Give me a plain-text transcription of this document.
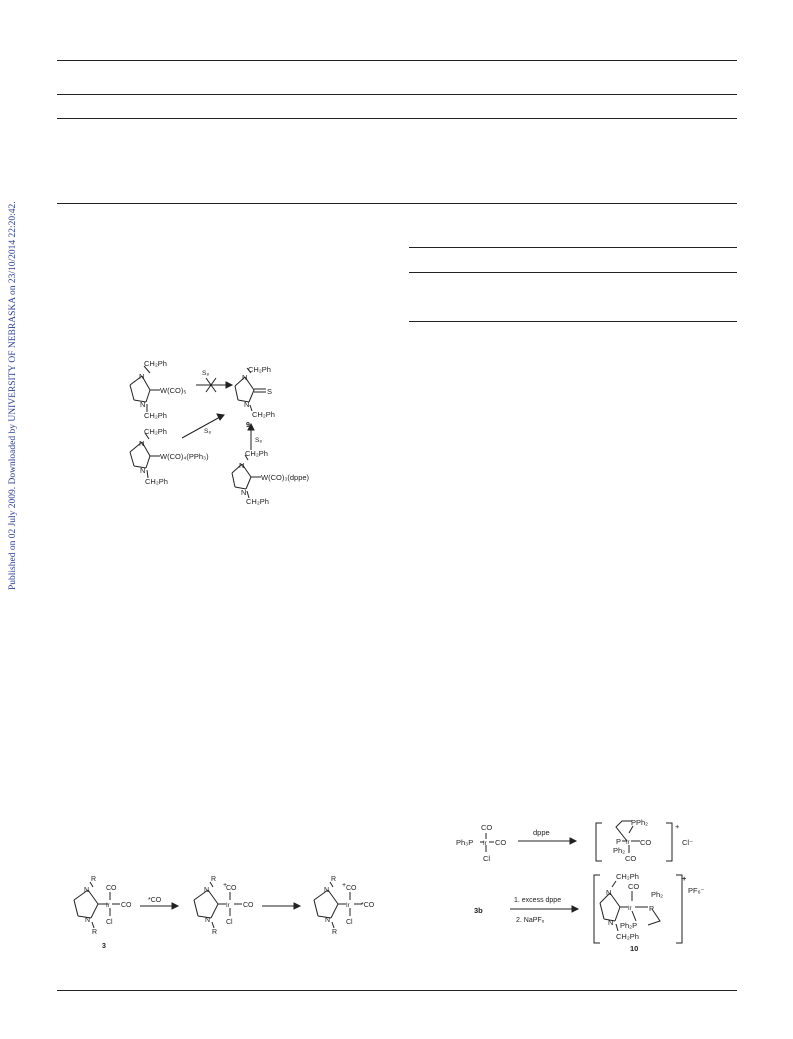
Published on 02 July 2009. Downloaded by UNIVERSITY OF NEBRASKA on 23/10/2014 22:20:42.	CH₂Ph
N
W(CO)₅
N
CH₂Ph
S₈	CH₂Ph
N
S
N
CH₂Ph
9
S₈
S₈
CH₂Ph
N
W(CO)₄(PPh₃)
N
CH₂Ph
CH₂Ph
N
W(CO)₃(dppe)
N
CH₂Ph
R
N
Ir
CO
CO
Cl
N
R
3
*CO
R
N
+
Ir
CO
CO
Cl
N
R
R
N
+
Ir
CO
*CO
Cl
N
R
Ph₃P Ir
CO
CO
Cl
dppe
PPh₂
P Ir CO
Ph₂
CO
+
Cl⁻
3b
1. excess dppe
2. NaPF₆
CH₂Ph
N
CO
Ir
Ph₂
P
Ph₂P
N
CH₂Ph
+
PF₆⁻
10
